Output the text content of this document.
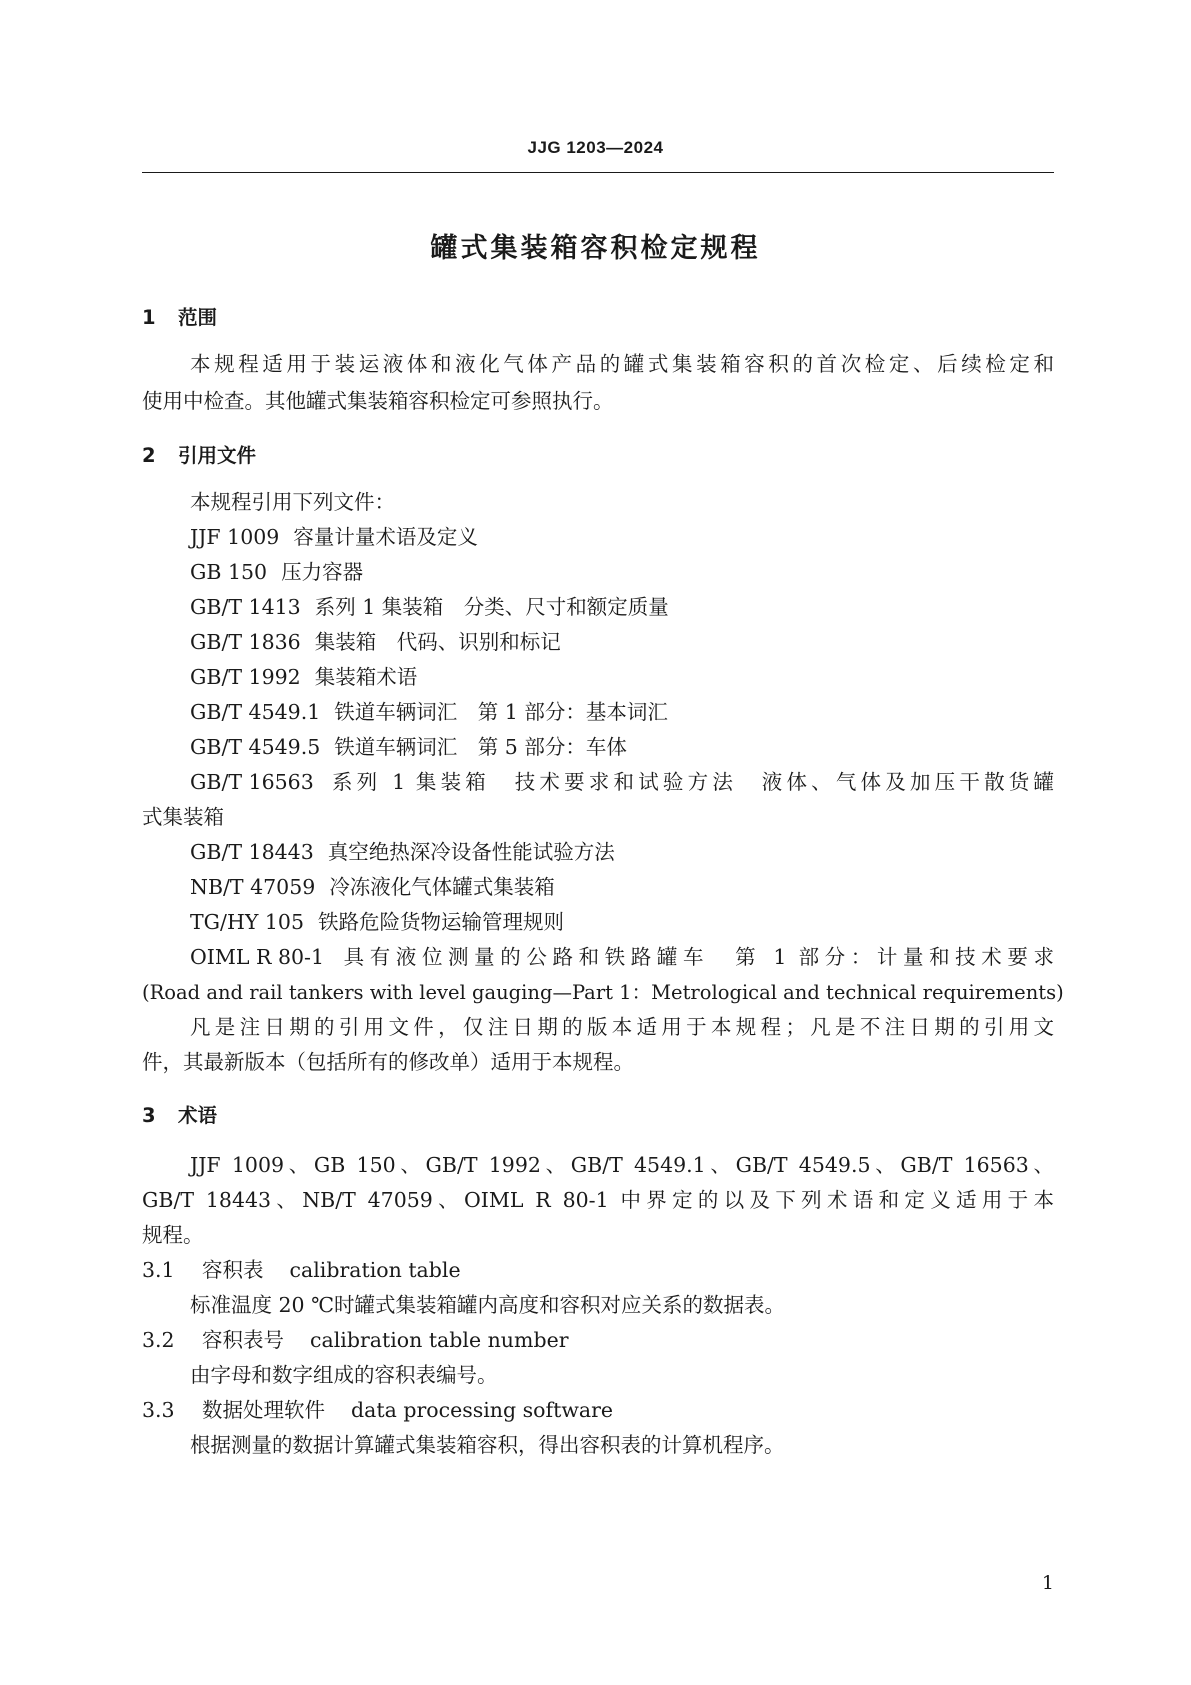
JJG 1203—2024
罐式集装箱容积检定规程
1 范围
本规程适用于装运液体和液化气体产品的罐式集装箱容积的首次检定、后续检定和
使用中检查。其他罐式集装箱容积检定可参照执行。
2 引用文件
本规程引用下列文件：
JJF 1009 容量计量术语及定义
GB 150 压力容器
GB/T 1413 系列 1 集装箱　分类、尺寸和额定质量
GB/T 1836 集装箱　代码、识别和标记
GB/T 1992 集装箱术语
GB/T 4549.1 铁道车辆词汇　第 1 部分：基本词汇
GB/T 4549.5 铁道车辆词汇　第 5 部分：车体
GB/T 16563 系列 1 集装箱　技术要求和试验方法　液体、气体及加压干散货罐
式集装箱
GB/T 18443 真空绝热深冷设备性能试验方法
NB/T 47059 冷冻液化气体罐式集装箱
TG/HY 105 铁路危险货物运输管理规则
OIML R 80-1 具有液位测量的公路和铁路罐车　第 1 部分：计量和技术要求
(Road and rail tankers with level gauging—Part 1：Metrological and technical requirements)
凡是注日期的引用文件，仅注日期的版本适用于本规程；凡是不注日期的引用文
件，其最新版本（包括所有的修改单）适用于本规程。
3 术语
JJF 1009、GB 150、GB/T 1992、GB/T 4549.1、GB/T 4549.5、GB/T 16563、
GB/T 18443、NB/T 47059、OIML R 80-1 中界定的以及下列术语和定义适用于本
规程。
3.1 容积表 calibration table
标准温度 20 ℃时罐式集装箱罐内高度和容积对应关系的数据表。
3.2 容积表号 calibration table number
由字母和数字组成的容积表编号。
3.3 数据处理软件 data processing software
根据测量的数据计算罐式集装箱容积，得出容积表的计算机程序。
1
